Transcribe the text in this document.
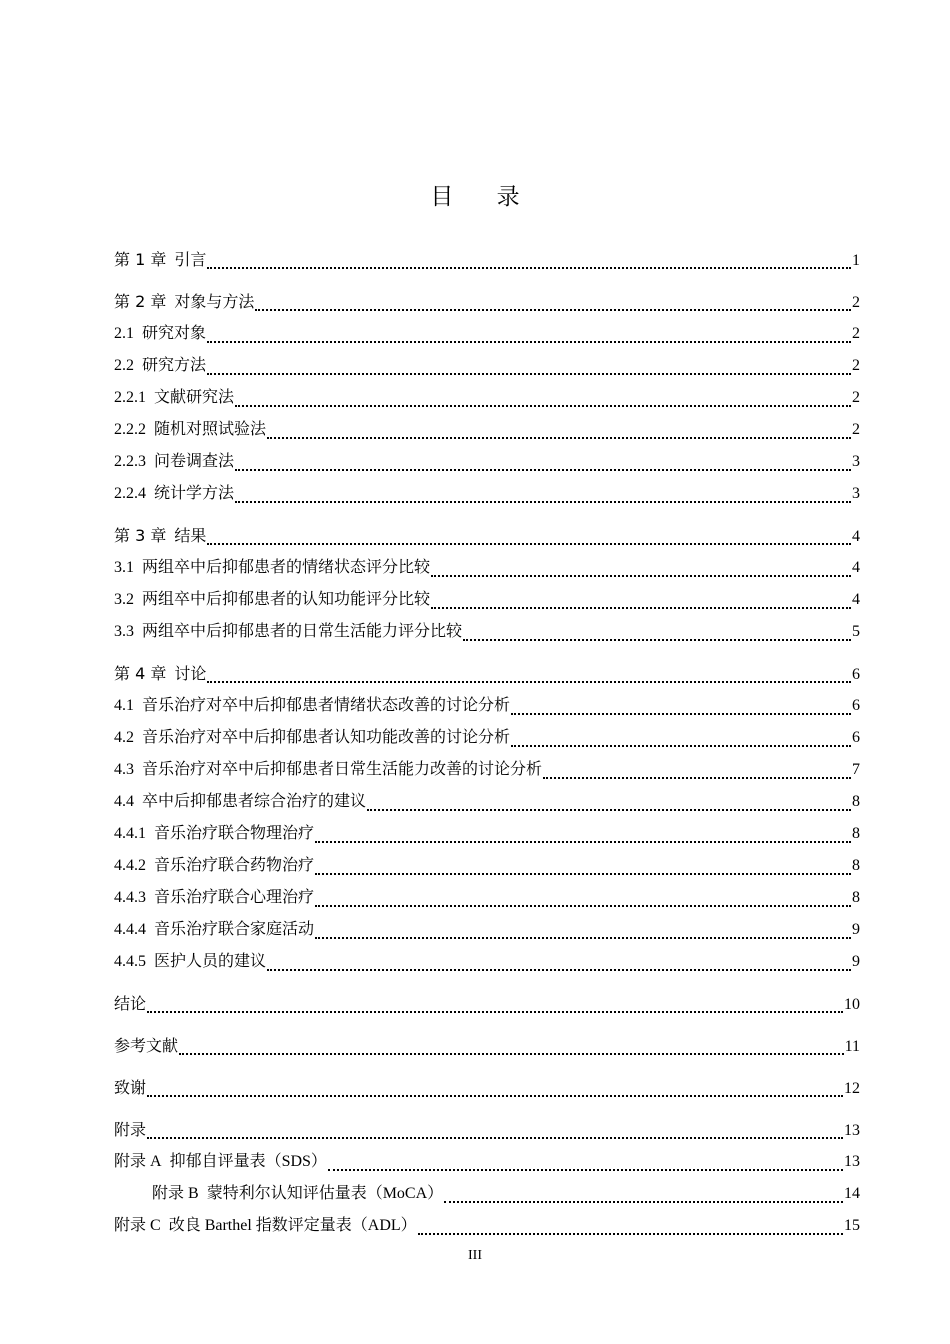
目 录
第 1 章 引言	1
第 2 章 对象与方法	2
2.1 研究对象	2
2.2 研究方法	2
2.2.1 文献研究法	2
2.2.2 随机对照试验法	2
2.2.3 问卷调查法	3
2.2.4 统计学方法	3
第 3 章 结果	4
3.1 两组卒中后抑郁患者的情绪状态评分比较	4
3.2 两组卒中后抑郁患者的认知功能评分比较	4
3.3 两组卒中后抑郁患者的日常生活能力评分比较	5
第 4 章 讨论	6
4.1 音乐治疗对卒中后抑郁患者情绪状态改善的讨论分析	6
4.2 音乐治疗对卒中后抑郁患者认知功能改善的讨论分析	6
4.3 音乐治疗对卒中后抑郁患者日常生活能力改善的讨论分析	7
4.4 卒中后抑郁患者综合治疗的建议	8
4.4.1 音乐治疗联合物理治疗	8
4.4.2 音乐治疗联合药物治疗	8
4.4.3 音乐治疗联合心理治疗	8
4.4.4 音乐治疗联合家庭活动	9
4.4.5 医护人员的建议	9
结论	10
参考文献	11
致谢	12
附录	13
附录 A 抑郁自评量表（SDS）	13
附录 B 蒙特利尔认知评估量表（MoCA）	14
附录 C 改良 Barthel 指数评定量表（ADL）	15
III
